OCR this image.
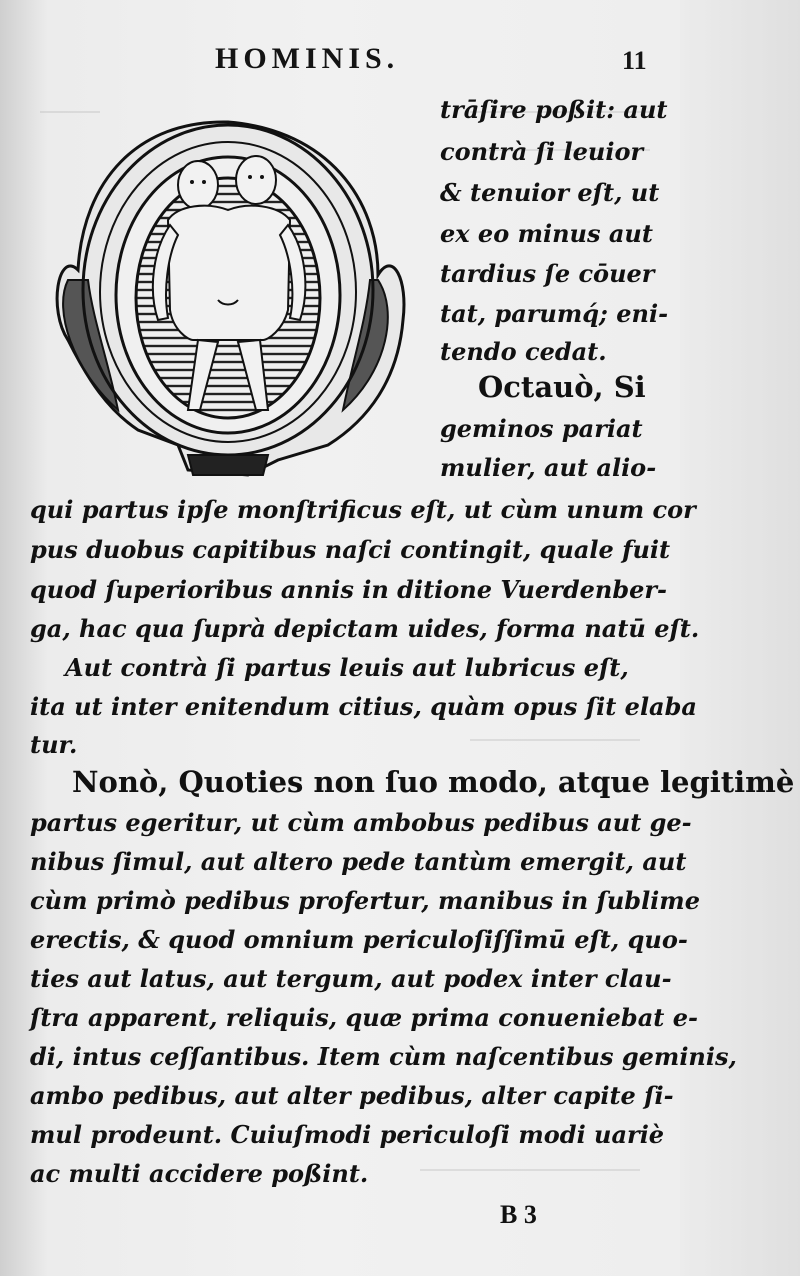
HOMINIS.	11
trāſire poßit: aut
contrà ſi leuior
& tenuior eſt, ut
ex eo minus aut
tardius ſe cōuer
tat, parumq́; eni-
tendo cedat.
Octauò, Si
geminos pariat
mulier, aut alio-
qui partus ipſe monſtrificus eſt, ut cùm unum cor
pus duobus capitibus naſci contingit, quale fuit
quod ſuperioribus annis in ditione Vuerdenber-
ga, hac qua ſuprà depictam uides, forma natū eſt.
Aut contrà ſi partus leuis aut lubricus eſt,
ita ut inter enitendum citius, quàm opus ſit elaba
tur.
Nonò, Quoties non ſuo modo, atque legitimè
partus egeritur, ut cùm ambobus pedibus aut ge-
nibus ſimul, aut altero pede tantùm emergit, aut
cùm primò pedibus profertur, manibus in ſublime
erectis, & quod omnium periculoſiſſimū eſt, quo-
ties aut latus, aut tergum, aut podex inter clau-
ſtra apparent, reliquis, quæ prima conueniebat e-
di, intus ceſſantibus. Item cùm naſcentibus geminis,
ambo pedibus, aut alter pedibus, alter capite ſi-
mul prodeunt. Cuiuſmodi periculoſi modi uariè
ac multi accidere poßint.
B 3
